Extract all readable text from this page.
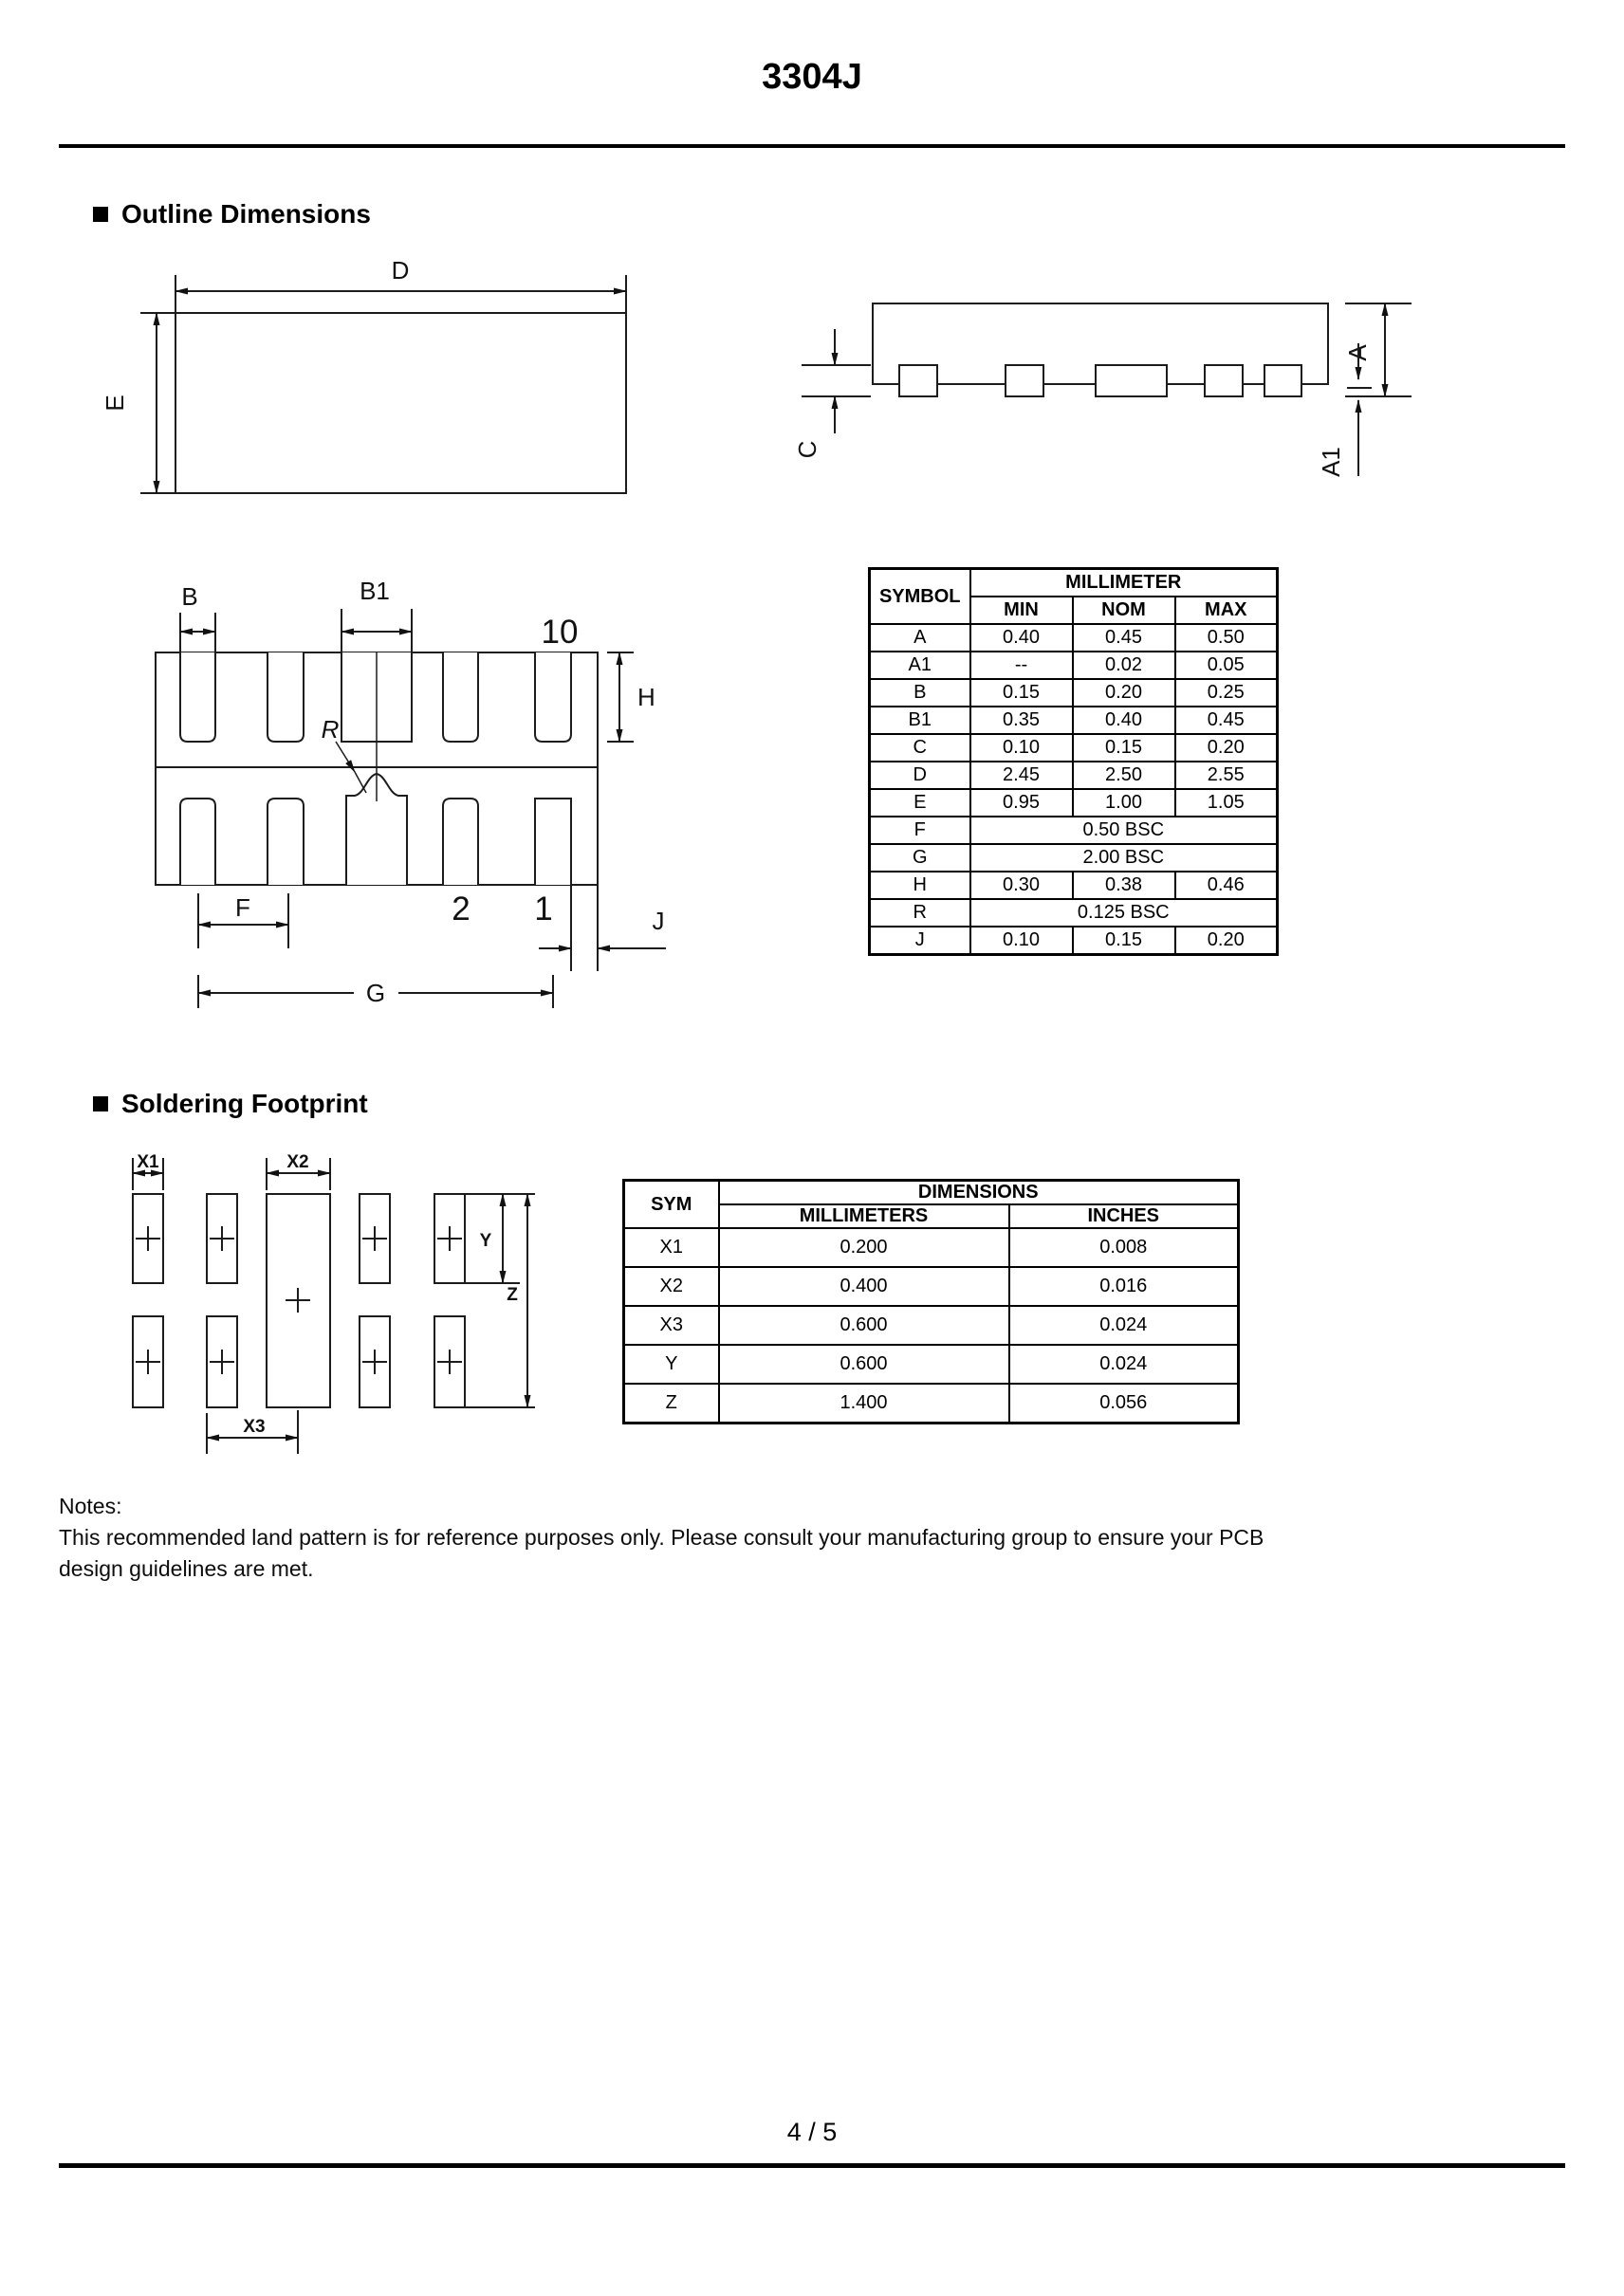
3304J
Outline Dimensions
D
E
C
A
A1
B	B1
10
H
R
F
G
2 1	J
SYMBOL	MILLIMETER		
	MIN	NOM	MAX
A	0.40	0.45	0.50
A1	--	0.02	0.05
B	0.15	0.20	0.25
B1	0.35	0.40	0.45
C	0.10	0.15	0.20
D	2.45	2.50	2.55
E	0.95	1.00	1.05
F	0.50 BSC		
G	2.00 BSC		
H	0.30	0.38	0.46
R	0.125 BSC		
J	0.10	0.15	0.20
Soldering Footprint
X1	X2
X3
Y
Z
SYM	DIMENSIONS	
	MILLIMETERS	INCHES
X1	0.200	0.008
X2	0.400	0.016
X3	0.600	0.024
Y	0.600	0.024
Z	1.400	0.056
Notes:
This recommended land pattern is for reference purposes only. Please consult your manufacturing group to ensure your PCB
design guidelines are met.
4 / 5
